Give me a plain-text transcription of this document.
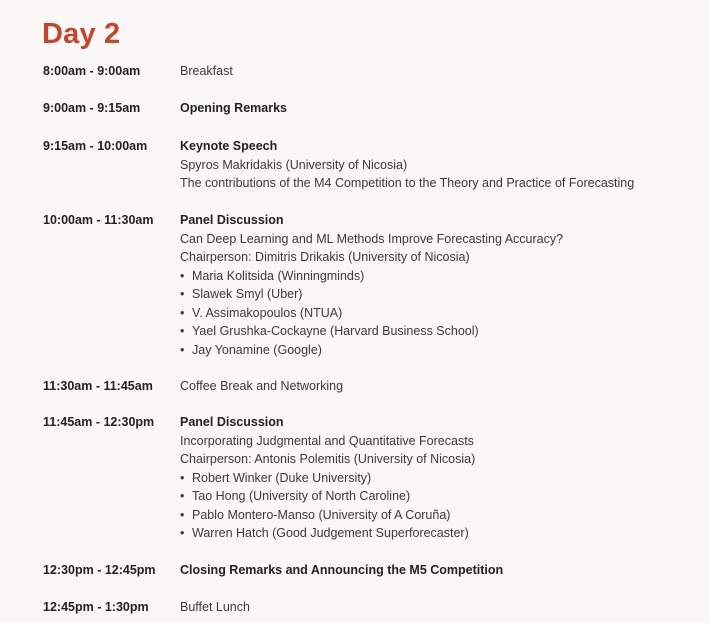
Day 2
8:00am - 9:00am	Breakfast

9:00am - 9:15am	Opening Remarks

9:15am - 10:00am	Keynote Speech

Spyros Makridakis (University of Nicosia)

The contributions of the M4 Competition to the Theory and Practice of Forecasting

10:00am - 11:30am Panel Discussion

Can Deep Learning and ML Methods Improve Forecasting Accuracy?

Chairperson: Dimitris Drikakis (University of Nicosia)

• Maria Kolitsida (Winningminds)
• Slawek Smyl (Uber)
• V. Assimakopoulos (NTUA)
• Yael Grushka-Cockayne (Harvard Business School)
• Jay Yonamine (Google)
11:30am - 11:45am Coffee Break and Networking

11:45am - 12:30pm Panel Discussion

Incorporating Judgmental and Quantitative Forecasts

Chairperson: Antonis Polemitis (University of Nicosia)

• Robert Winker (Duke University)
• Tao Hong (University of North Caroline)
• Pablo Montero-Manso (University of A Coruña)
• Warren Hatch (Good Judgement Superforecaster)
12:30pm - 12:45pm Closing Remarks and Announcing the M5 Competition

12:45pm - 1:30pm	Buffet Lunch
